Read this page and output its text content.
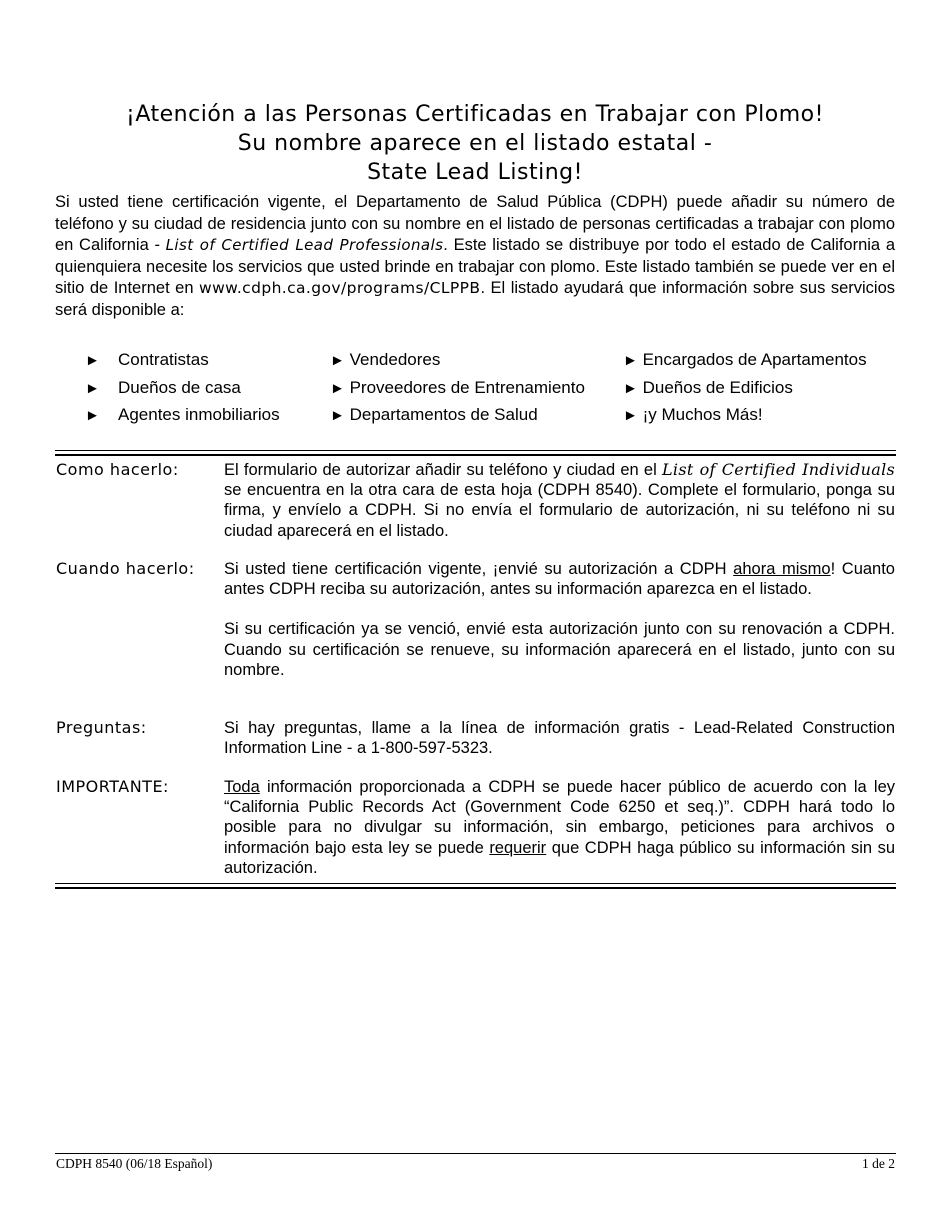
¡Atención a las Personas Certificadas en Trabajar con Plomo!
Su nombre aparece en el listado estatal -
State Lead Listing!
Si usted tiene certificación vigente, el Departamento de Salud Pública (CDPH) puede añadir su número de teléfono y su ciudad de residencia junto con su nombre en el listado de personas certificadas a trabajar con plomo en California - List of Certified Lead Professionals. Este listado se distribuye por todo el estado de California a quienquiera necesite los servicios que usted brinde en trabajar con plomo. Este listado también se puede ver en el sitio de Internet en www.cdph.ca.gov/programs/CLPPB. El listado ayudará que información sobre sus servicios será disponible a:
► Contratistas	► Vendedores	► Encargados de Apartamentos
► Dueños de casa	► Proveedores de Entrenamiento	► Dueños de Edificios
► Agentes inmobiliarios	► Departamentos de Salud	► ¡y Muchos Más!
Como hacerlo:	El formulario de autorizar añadir su teléfono y ciudad en el List of Certified Individuals se encuentra en la otra cara de esta hoja (CDPH 8540). Complete el formulario, ponga su firma, y envíelo a CDPH. Si no envía el formulario de autorización, ni su teléfono ni su ciudad aparecerá en el listado.
Cuando hacerlo: Si usted tiene certificación vigente, ¡envié su autorización a CDPH ahora mismo! Cuanto antes CDPH reciba su autorización, antes su información aparezca en el listado.

Si su certificación ya se venció, envié esta autorización junto con su renovación a CDPH. Cuando su certificación se renueve, su información aparecerá en el listado, junto con su nombre.

Preguntas:	Si hay preguntas, llame a la línea de información gratis - Lead-Related Construction Information Line - a 1-800-597-5323.
IMPORTANTE:	Toda información proporcionada a CDPH se puede hacer público de acuerdo con la ley “California Public Records Act (Government Code 6250 et seq.)”. CDPH hará todo lo posible para no divulgar su información, sin embargo, peticiones para archivos o información bajo esta ley se puede requerir que CDPH haga público su información sin su autorización.
CDPH 8540 (06/18 Español)	1 de 2
